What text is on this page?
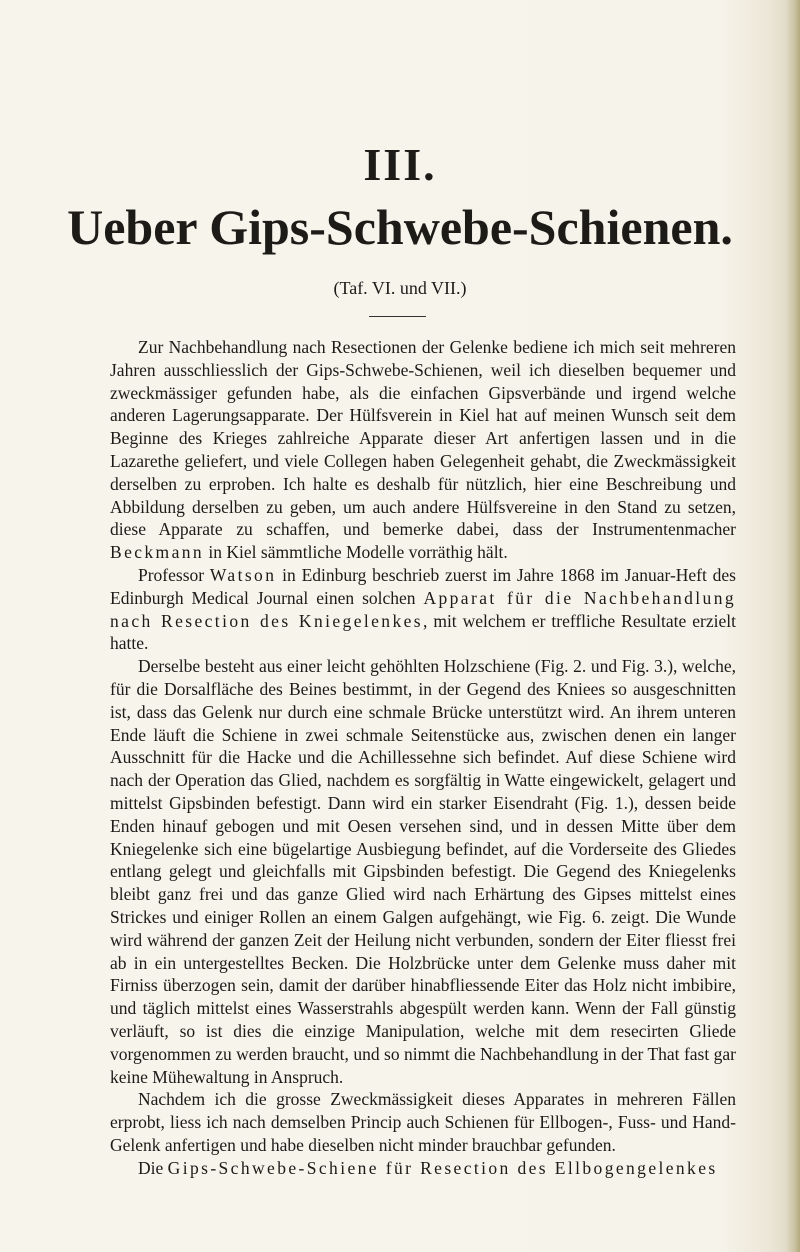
III.
Ueber Gips-Schwebe-Schienen.
(Taf. VI. und VII.)

Zur Nachbehandlung nach Resectionen der Gelenke bediene ich mich seit mehreren Jahren ausschliesslich der Gips-Schwebe-Schienen, weil ich dieselben bequemer und zweckmässiger gefunden habe, als die einfachen Gipsverbände und irgend welche anderen Lagerungsapparate. Der Hülfsverein in Kiel hat auf meinen Wunsch seit dem Beginne des Krieges zahlreiche Apparate dieser Art anfertigen lassen und in die Lazarethe geliefert, und viele Collegen haben Gelegenheit gehabt, die Zweckmässigkeit derselben zu erproben. Ich halte es deshalb für nützlich, hier eine Beschreibung und Abbildung derselben zu geben, um auch andere Hülfsvereine in den Stand zu setzen, diese Apparate zu schaffen, und bemerke dabei, dass der Instrumentenmacher Beckmann in Kiel sämmtliche Modelle vorräthig hält.

Professor Watson in Edinburg beschrieb zuerst im Jahre 1868 im Januar-Heft des Edinburgh Medical Journal einen solchen Apparat für die Nachbehandlung nach Resection des Kniegelenkes, mit welchem er treffliche Resultate erzielt hatte.

Derselbe besteht aus einer leicht gehöhlten Holzschiene (Fig. 2. und Fig. 3.), welche, für die Dorsalfläche des Beines bestimmt, in der Gegend des Kniees so ausgeschnitten ist, dass das Gelenk nur durch eine schmale Brücke unterstützt wird. An ihrem unteren Ende läuft die Schiene in zwei schmale Seitenstücke aus, zwischen denen ein langer Ausschnitt für die Hacke und die Achillessehne sich befindet. Auf diese Schiene wird nach der Operation das Glied, nachdem es sorgfältig in Watte eingewickelt, gelagert und mittelst Gipsbinden befestigt. Dann wird ein starker Eisendraht (Fig. 1.), dessen beide Enden hinauf gebogen und mit Oesen versehen sind, und in dessen Mitte über dem Kniegelenke sich eine bügelartige Ausbiegung befindet, auf die Vorderseite des Gliedes entlang gelegt und gleichfalls mit Gipsbinden befestigt. Die Gegend des Kniegelenks bleibt ganz frei und das ganze Glied wird nach Erhärtung des Gipses mittelst eines Strickes und einiger Rollen an einem Galgen aufgehängt, wie Fig. 6. zeigt. Die Wunde wird während der ganzen Zeit der Heilung nicht verbunden, sondern der Eiter fliesst frei ab in ein untergestelltes Becken. Die Holzbrücke unter dem Gelenke muss daher mit Firniss überzogen sein, damit der darüber hinabfliessende Eiter das Holz nicht imbibire, und täglich mittelst eines Wasserstrahls abgespült werden kann. Wenn der Fall günstig verläuft, so ist dies die einzige Manipulation, welche mit dem resecirten Gliede vorgenommen zu werden braucht, und so nimmt die Nachbehandlung in der That fast gar keine Mühewaltung in Anspruch.

Nachdem ich die grosse Zweckmässigkeit dieses Apparates in mehreren Fällen erprobt, liess ich nach demselben Princip auch Schienen für Ellbogen-, Fuss- und Hand-Gelenk anfertigen und habe dieselben nicht minder brauchbar gefunden.

Die Gips-Schwebe-Schiene für Resection des Ellbogengelenkes
